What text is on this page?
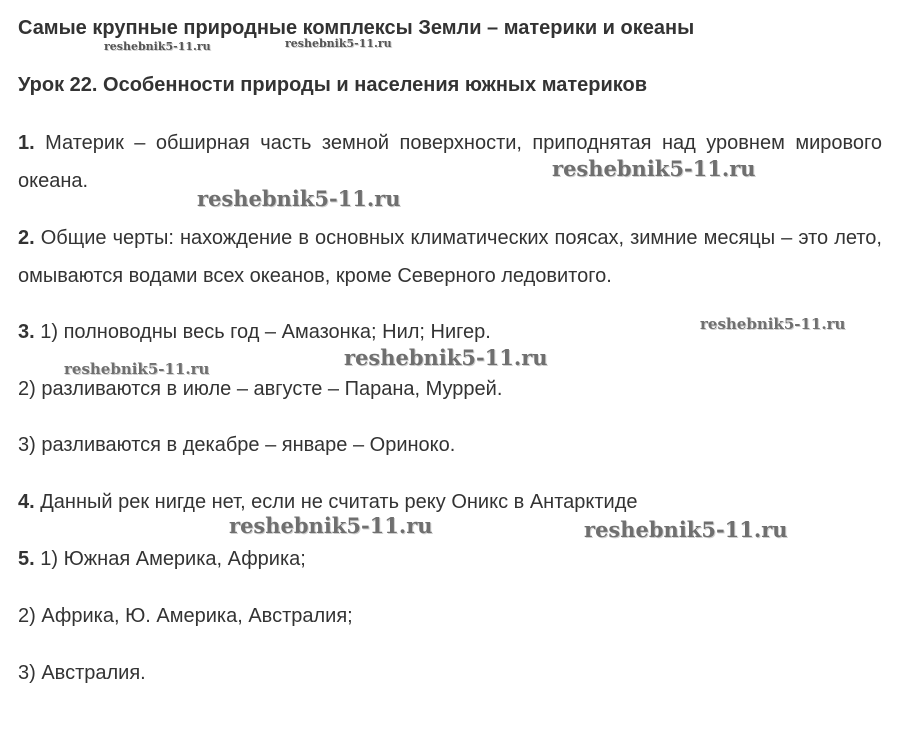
Самые крупные природные комплексы Земли – материки и океаны
Урок 22. Особенности природы и населения южных материков
1. Материк – обширная часть земной поверхности, приподнятая над уровнем мирового океана.
2. Общие черты: нахождение в основных климатических поясах, зимние месяцы – это лето, омываются водами всех океанов, кроме Северного ледовитого.
3. 1) полноводны весь год – Амазонка; Нил; Нигер.
2) разливаются в июле – августе – Парана, Муррей.
3) разливаются в декабре – январе – Ориноко.
4. Данный рек нигде нет, если не считать реку Оникс в Антарктиде
5. 1) Южная Америка, Африка;
2) Африка, Ю. Америка, Австралия;
3) Австралия.
reshebnik5-11.ru	reshebnik5-11.ru
reshebnik5-11.ru
reshebnik5-11.ru
reshebnik5-11.ru
reshebnik5-11.ru
reshebnik5-11.ru
reshebnik5-11.ru	reshebnik5-11.ru
